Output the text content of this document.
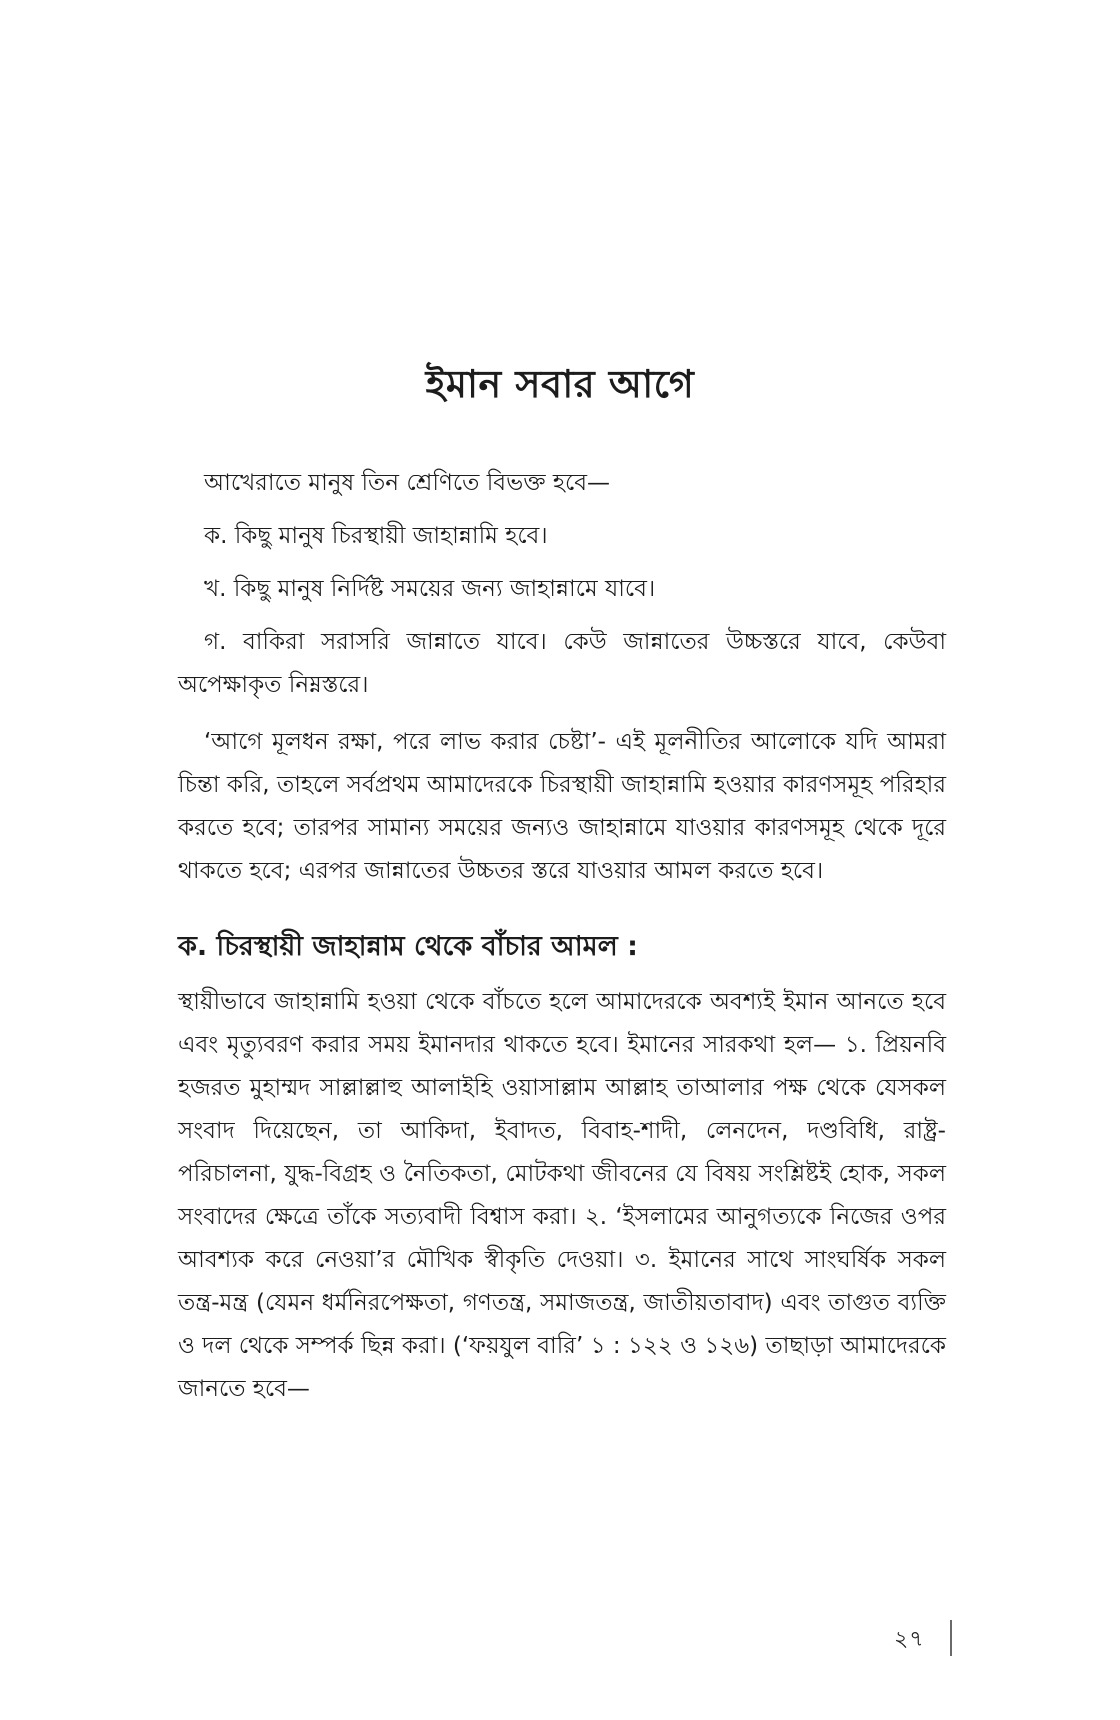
ইমান সবার আগে

আখেরাতে মানুষ তিন শ্রেণিতে বিভক্ত হবে—

ক. কিছু মানুষ চিরস্থায়ী জাহান্নামি হবে।

খ. কিছু মানুষ নির্দিষ্ট সময়ের জন্য জাহান্নামে যাবে।

গ. বাকিরা সরাসরি জান্নাতে যাবে। কেউ জান্নাতের উচ্চস্তরে যাবে, কেউবা অপেক্ষাকৃত নিম্নস্তরে।

‘আগে মূলধন রক্ষা, পরে লাভ করার চেষ্টা’- এই মূলনীতির আলোকে যদি আমরা চিন্তা করি, তাহলে সর্বপ্রথম আমাদেরকে চিরস্থায়ী জাহান্নামি হওয়ার কারণসমূহ পরিহার করতে হবে; তারপর সামান্য সময়ের জন্যও জাহান্নামে যাওয়ার কারণসমূহ থেকে দূরে থাকতে হবে; এরপর জান্নাতের উচ্চতর স্তরে যাওয়ার আমল করতে হবে।

ক. চিরস্থায়ী জাহান্নাম থেকে বাঁচার আমল :

স্থায়ীভাবে জাহান্নামি হওয়া থেকে বাঁচতে হলে আমাদেরকে অবশ্যই ইমান আনতে হবে এবং মৃত্যুবরণ করার সময় ইমানদার থাকতে হবে। ইমানের সারকথা হল— ১. প্রিয়নবি হজরত মুহাম্মদ সাল্লাল্লাহু আলাইহি ওয়াসাল্লাম আল্লাহ তাআলার পক্ষ থেকে যেসকল সংবাদ দিয়েছেন, তা আকিদা, ইবাদত, বিবাহ-শাদী, লেনদেন, দণ্ডবিধি, রাষ্ট্র-পরিচালনা, যুদ্ধ-বিগ্রহ ও নৈতিকতা, মোটকথা জীবনের যে বিষয় সংশ্লিষ্টই হোক, সকল সংবাদের ক্ষেত্রে তাঁকে সত্যবাদী বিশ্বাস করা। ২. ‘ইসলামের আনুগত্যকে নিজের ওপর আবশ্যক করে নেওয়া’র মৌখিক স্বীকৃতি দেওয়া। ৩. ইমানের সাথে সাংঘর্ষিক সকল তন্ত্র-মন্ত্র (যেমন ধর্মনিরপেক্ষতা, গণতন্ত্র, সমাজতন্ত্র, জাতীয়তাবাদ) এবং তাগুত ব্যক্তি ও দল থেকে সম্পর্ক ছিন্ন করা। (‘ফয়যুল বারি’ ১ : ১২২ ও ১২৬) তাছাড়া আমাদেরকে জানতে হবে—

২৭
